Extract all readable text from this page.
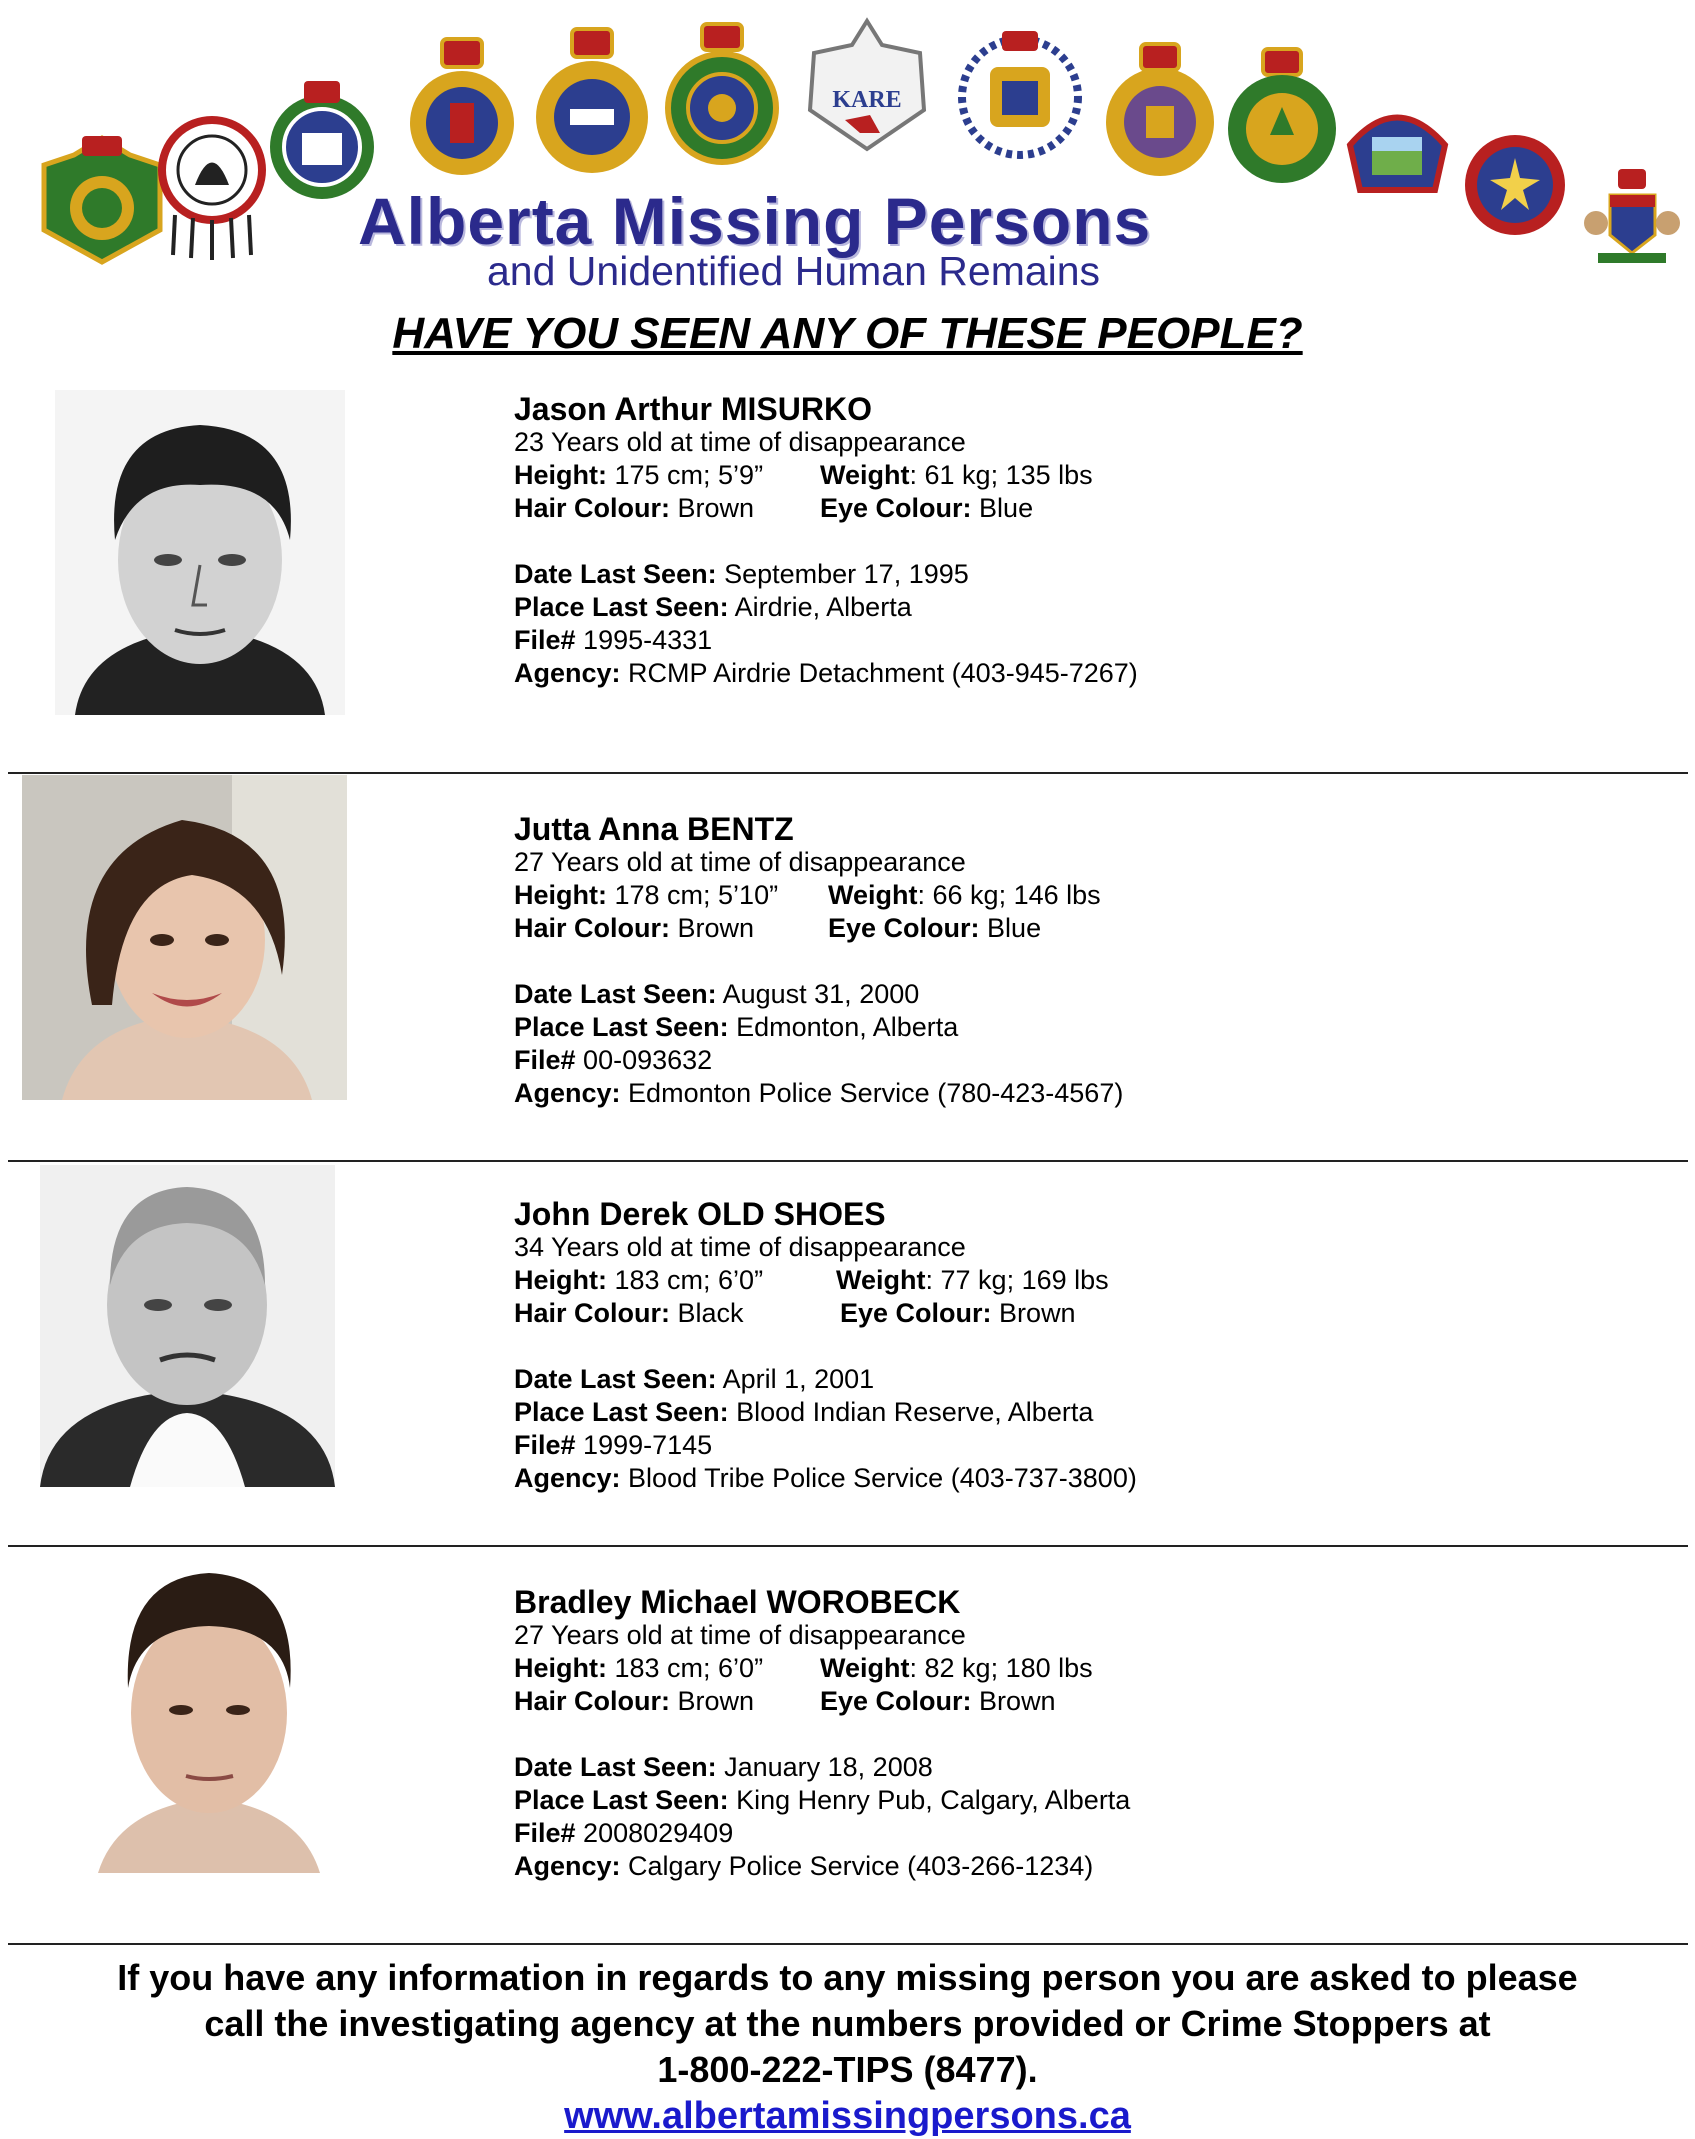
KARE
Alberta Missing Persons
and Unidentified Human Remains
HAVE YOU SEEN ANY OF THESE PEOPLE?
Jason Arthur MISURKO
23 Years old at time of disappearance
Height: 175 cm; 5’9” Weight: 61 kg; 135 lbs
Hair Colour: Brown Eye Colour: Blue
Date Last Seen: September 17, 1995
Place Last Seen: Airdrie, Alberta
File# 1995-4331
Agency: RCMP Airdrie Detachment (403-945-7267)
Jutta Anna BENTZ
27 Years old at time of disappearance
Height: 178 cm; 5’10” Weight: 66 kg; 146 lbs
Hair Colour: Brown	Eye Colour: Blue
Date Last Seen: August 31, 2000
Place Last Seen: Edmonton, Alberta
File# 00-093632
Agency: Edmonton Police Service (780-423-4567)
John Derek OLD SHOES
34 Years old at time of disappearance
Height: 183 cm; 6’0”	Weight: 77 kg; 169 lbs
Hair Colour: Black	Eye Colour: Brown
Date Last Seen: April 1, 2001
Place Last Seen: Blood Indian Reserve, Alberta
File# 1999-7145
Agency: Blood Tribe Police Service (403-737-3800)
Bradley Michael WOROBECK
27 Years old at time of disappearance
Height: 183 cm; 6’0” Weight: 82 kg; 180 lbs
Hair Colour: Brown Eye Colour: Brown
Date Last Seen: January 18, 2008
Place Last Seen: King Henry Pub, Calgary, Alberta
File# 2008029409
Agency: Calgary Police Service (403-266-1234)
If you have any information in regards to any missing person you are asked to please
call the investigating agency at the numbers provided or Crime Stoppers at
1-800-222-TIPS (8477).
www.albertamissingpersons.ca
